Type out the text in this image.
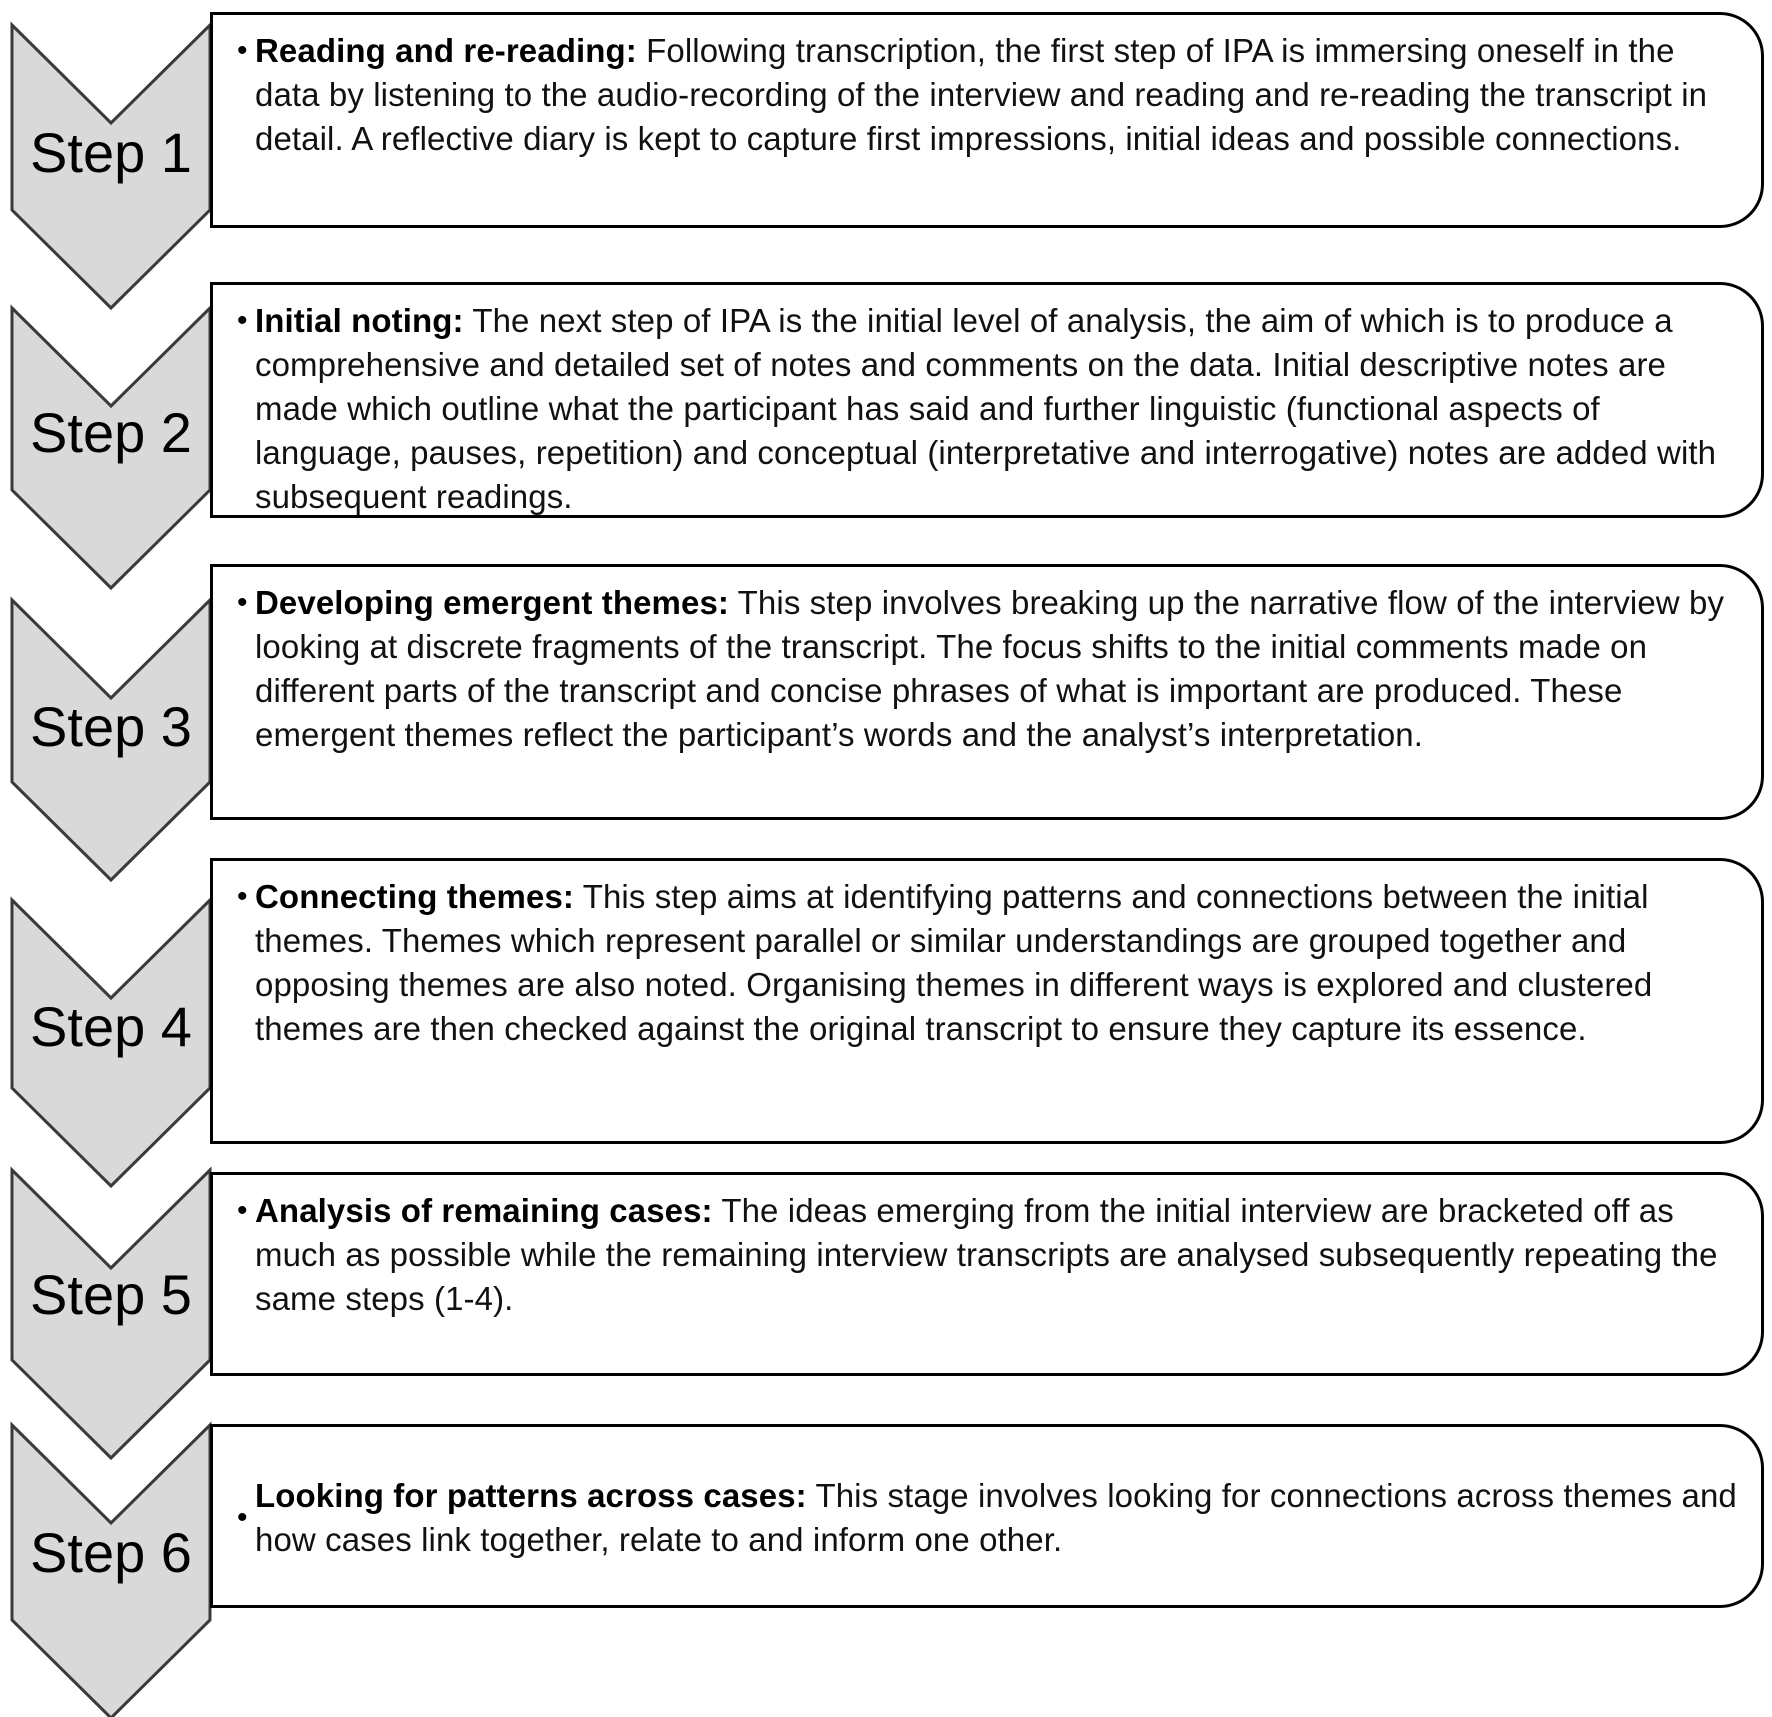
Step 1
Step 2
Step 3
Step 4
Step 5
Step 6
• Reading and re-reading: Following transcription, the first step of IPA is immersing oneself in the data by listening to the audio-recording of the interview and reading and re-reading the transcript in detail. A reflective diary is kept to capture first impressions, initial ideas and possible connections.
• Initial noting: The next step of IPA is the initial level of analysis, the aim of which is to produce a comprehensive and detailed set of notes and comments on the data. Initial descriptive notes are made which outline what the participant has said and further linguistic (functional aspects of language, pauses, repetition) and conceptual (interpretative and interrogative) notes are added with subsequent readings.
• Developing emergent themes: This step involves breaking up the narrative flow of the interview by looking at discrete fragments of the transcript. The focus shifts to the initial comments made on different parts of the transcript and concise phrases of what is important are produced. These emergent themes reflect the participant’s words and the analyst’s interpretation.
• Connecting themes: This step aims at identifying patterns and connections between the initial themes. Themes which represent parallel or similar understandings are grouped together and opposing themes are also noted. Organising themes in different ways is explored and clustered themes are then checked against the original transcript to ensure they capture its essence.
• Analysis of remaining cases: The ideas emerging from the initial interview are bracketed off as much as possible while the remaining interview transcripts are analysed subsequently repeating the same steps (1-4).
•
Looking for patterns across cases: This stage involves looking for connections across themes and how cases link together, relate to and inform one other.
